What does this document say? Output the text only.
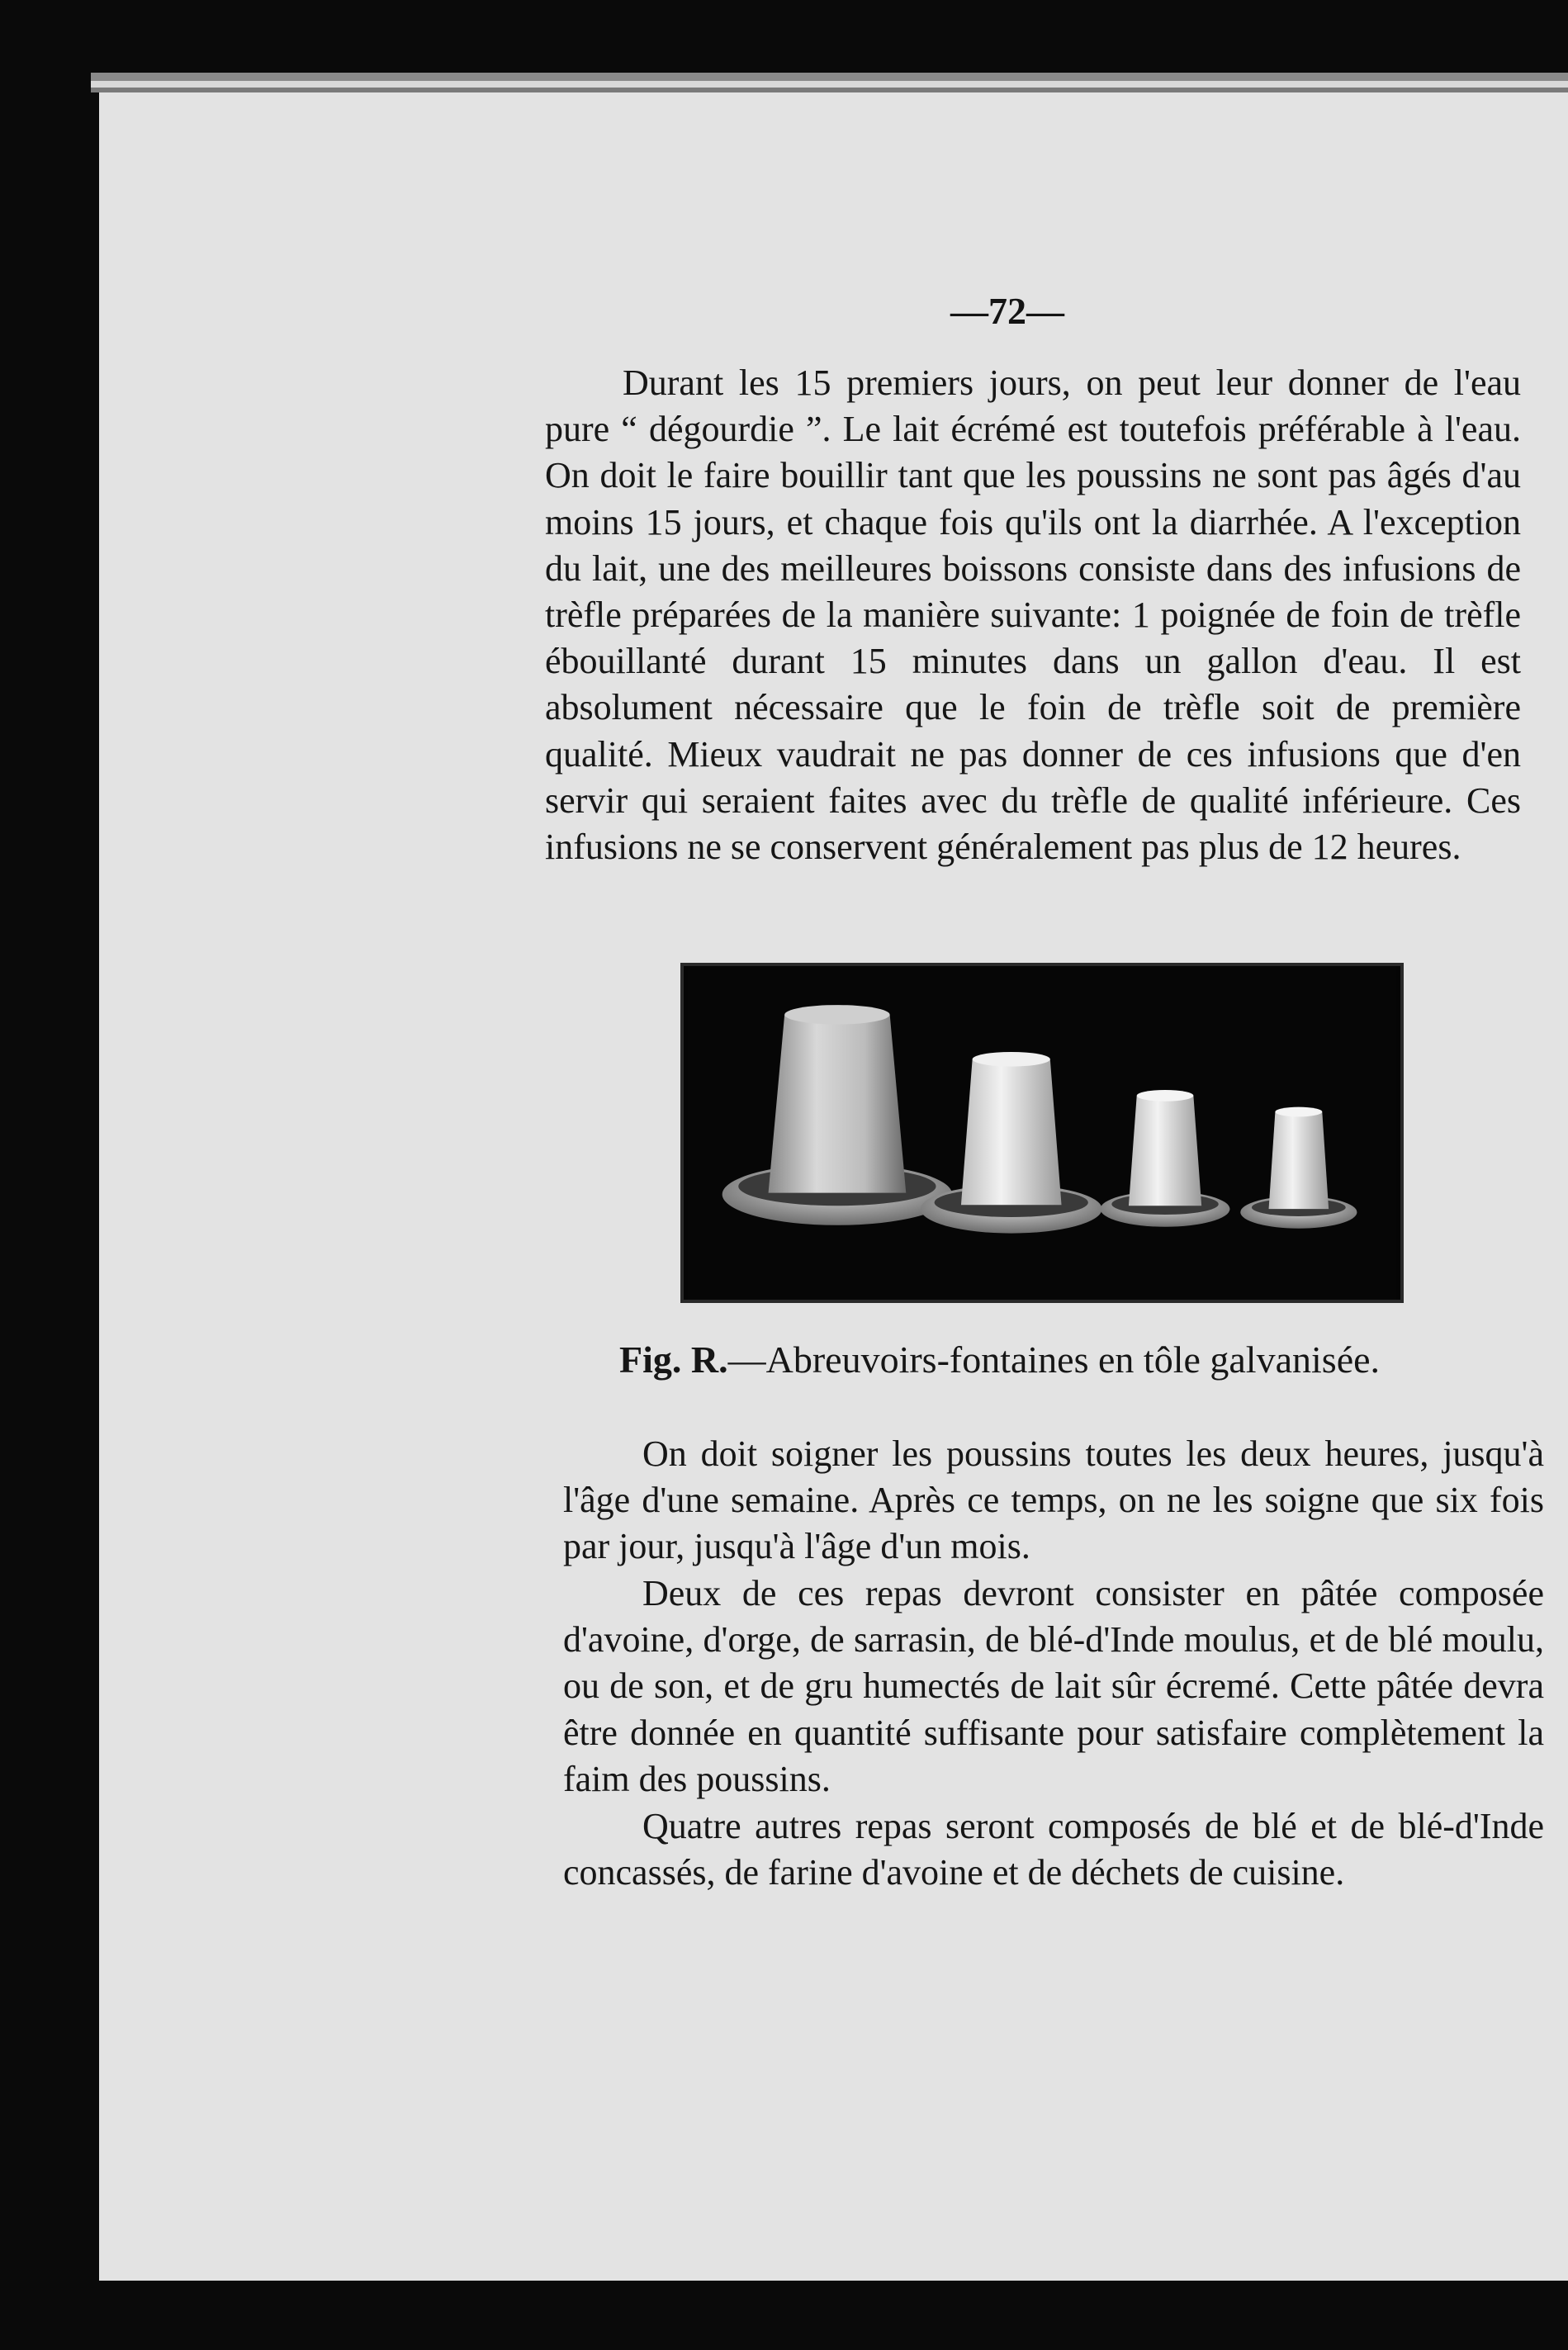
—72—

Durant les 15 premiers jours, on peut leur donner de l'eau pure “ dégourdie ”. Le lait écrémé est toutefois préférable à l'eau. On doit le faire bouillir tant que les poussins ne sont pas âgés d'au moins 15 jours, et chaque fois qu'ils ont la diarrhée. A l'exception du lait, une des meilleures boissons consiste dans des infusions de trèfle préparées de la manière suivante: 1 poignée de foin de trèfle ébouillanté durant 15 minutes dans un gallon d'eau. Il est absolument nécessaire que le foin de trèfle soit de première qualité. Mieux vaudrait ne pas donner de ces infusions que d'en servir qui seraient faites avec du trèfle de qualité inférieure. Ces infusions ne se conservent généralement pas plus de 12 heures.

Fig. R.—Abreuvoirs-fontaines en tôle galvanisée.

On doit soigner les poussins toutes les deux heures, jusqu'à l'âge d'une semaine. Après ce temps, on ne les soigne que six fois par jour, jusqu'à l'âge d'un mois.

Deux de ces repas devront consister en pâtée composée d'avoine, d'orge, de sarrasin, de blé-d'Inde moulus, et de blé moulu, ou de son, et de gru humectés de lait sûr écremé. Cette pâtée devra être donnée en quantité suffisante pour satisfaire complètement la faim des poussins.

Quatre autres repas seront composés de blé et de blé-d'Inde concassés, de farine d'avoine et de déchets de cuisine.
